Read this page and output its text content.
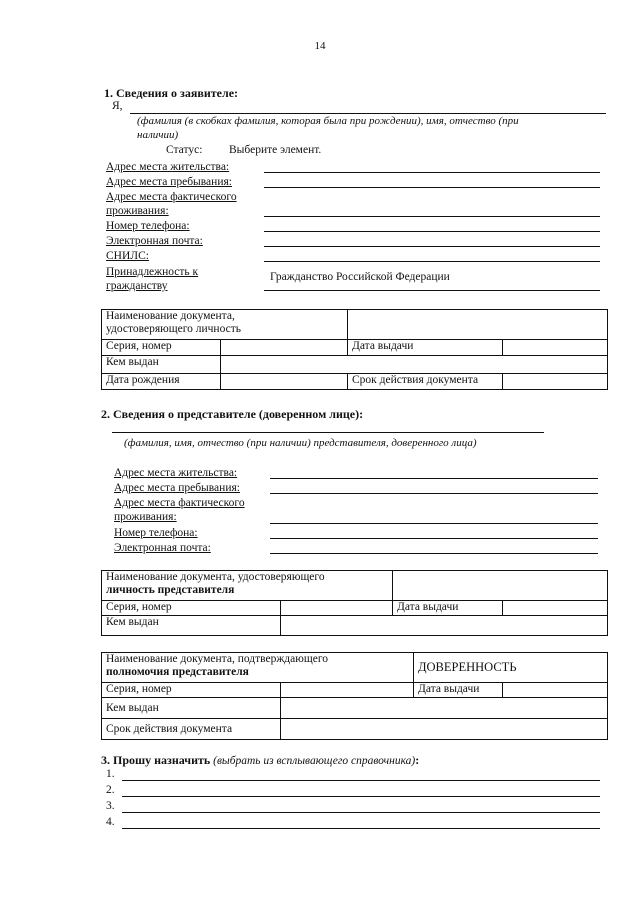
14
1. Сведения о заявителе:
Я,
(фамилия (в скобках фамилия, которая была при рождении), имя, отчество (при
наличии)
Статус: Выберите элемент.
Адрес места жительства:
Адрес места пребывания:
Адрес места фактического
проживания:
Номер телефона:
Электронная почта:
СНИЛС:
Принадлежность к
гражданству
Гражданство Российской Федерации
Наименование документа,
удостоверяющего личность			

Серия, номер		Дата выдачи	
Кем выдан			
Дата рождения		Срок действия документа	
2. Сведения о представителе (доверенном лице):
(фамилия, имя, отчество (при наличии) представителя, доверенного лица)
Адрес места жительства:
Адрес места пребывания:
Адрес места фактического
проживания:
Номер телефона:
Электронная почта:
Наименование документа, удостоверяющего
личность представителя			

Серия, номер		Дата выдачи	
Кем выдан			
Наименование документа, подтверждающего
полномочия представителя		ДОВЕРЕННОСТЬ	
Серия, номер		Дата выдачи	
Кем выдан			
Срок действия документа			
3. Прошу назначить (выбрать из всплывающего справочника):
1.
2.
3.
4.
